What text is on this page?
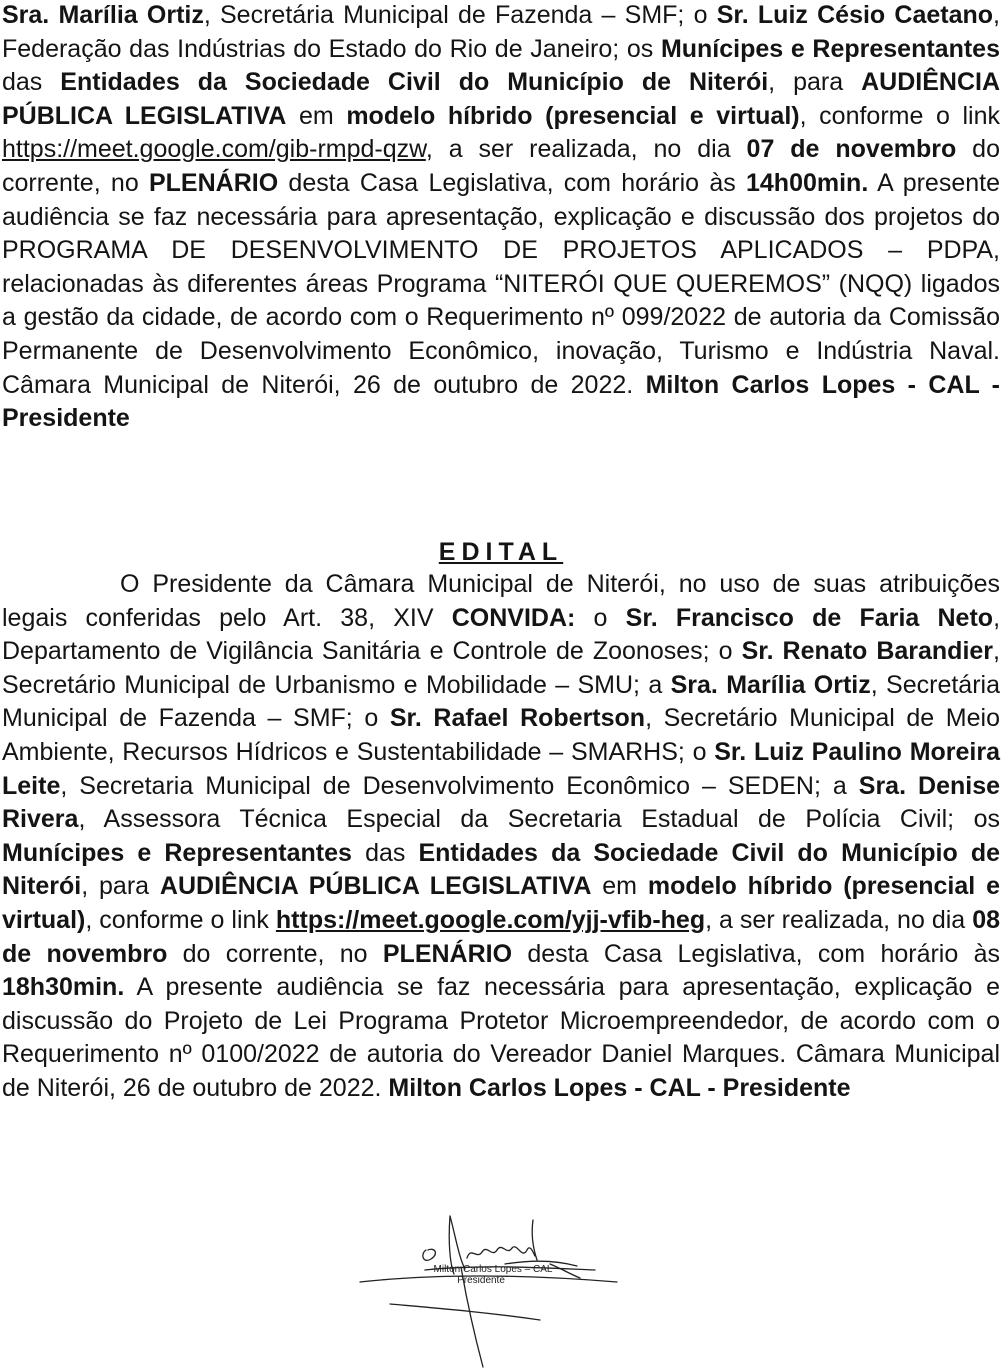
Sra. Marília Ortiz, Secretária Municipal de Fazenda – SMF; o Sr. Luiz Césio Caetano, Federação das Indústrias do Estado do Rio de Janeiro; os Munícipes e Representantes das Entidades da Sociedade Civil do Município de Niterói, para AUDIÊNCIA PÚBLICA LEGISLATIVA em modelo híbrido (presencial e virtual), conforme o link https://meet.google.com/gib-rmpd-qzw, a ser realizada, no dia 07 de novembro do corrente, no PLENÁRIO desta Casa Legislativa, com horário às 14h00min. A presente audiência se faz necessária para apresentação, explicação e discussão dos projetos do PROGRAMA DE DESENVOLVIMENTO DE PROJETOS APLICADOS – PDPA, relacionadas às diferentes áreas Programa “NITERÓI QUE QUEREMOS” (NQQ) ligados a gestão da cidade, de acordo com o Requerimento nº 099/2022 de autoria da Comissão Permanente de Desenvolvimento Econômico, inovação, Turismo e Indústria Naval. Câmara Municipal de Niterói, 26 de outubro de 2022. Milton Carlos Lopes - CAL - Presidente

EDITAL

O Presidente da Câmara Municipal de Niterói, no uso de suas atribuições legais conferidas pelo Art. 38, XIV CONVIDA: o Sr. Francisco de Faria Neto, Departamento de Vigilância Sanitária e Controle de Zoonoses; o Sr. Renato Barandier, Secretário Municipal de Urbanismo e Mobilidade – SMU; a Sra. Marília Ortiz, Secretária Municipal de Fazenda – SMF; o Sr. Rafael Robertson, Secretário Municipal de Meio Ambiente, Recursos Hídricos e Sustentabilidade – SMARHS; o Sr. Luiz Paulino Moreira Leite, Secretaria Municipal de Desenvolvimento Econômico – SEDEN; a Sra. Denise Rivera, Assessora Técnica Especial da Secretaria Estadual de Polícia Civil; os Munícipes e Representantes das Entidades da Sociedade Civil do Município de Niterói, para AUDIÊNCIA PÚBLICA LEGISLATIVA em modelo híbrido (presencial e virtual), conforme o link https://meet.google.com/yjj-vfib-heg, a ser realizada, no dia 08 de novembro do corrente, no PLENÁRIO desta Casa Legislativa, com horário às 18h30min. A presente audiência se faz necessária para apresentação, explicação e discussão do Projeto de Lei Programa Protetor Microempreendedor, de acordo com o Requerimento nº 0100/2022 de autoria do Vereador Daniel Marques. Câmara Municipal de Niterói, 26 de outubro de 2022. Milton Carlos Lopes - CAL - Presidente

Milton Carlos Lopes – CAL
Presidente
